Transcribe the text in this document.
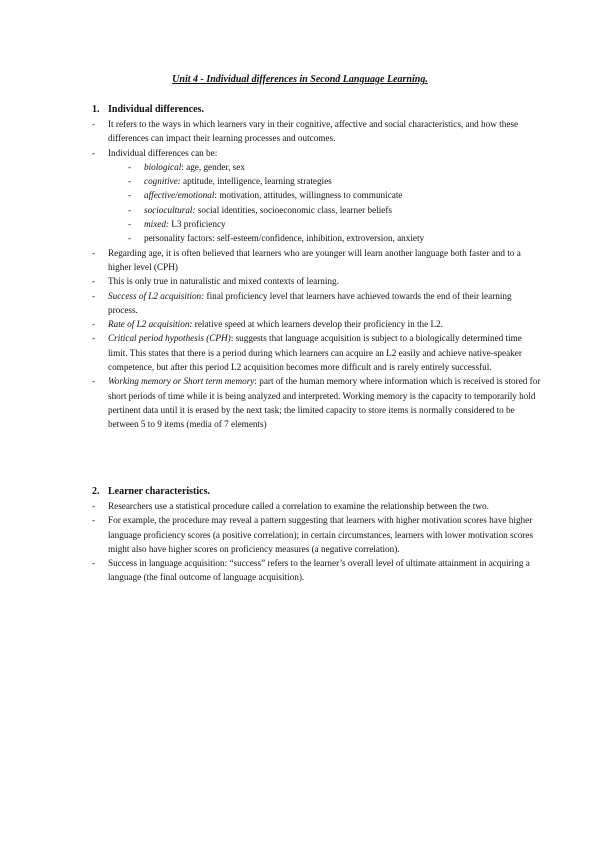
Unit 4 - Individual differences in Second Language Learning.
1. Individual differences.
- It refers to the ways in which learners vary in their cognitive, affective and social characteristics, and how these differences can impact their learning processes and outcomes.
- Individual differences can be:
- biological: age, gender, sex
- cognitive: aptitude, intelligence, learning strategies
- affective/emotional: motivation, attitudes, willingness to communicate
- sociocultural: social identities, socioeconomic class, learner beliefs
- mixed: L3 proficiency
- personality factors: self-esteem/confidence, inhibition, extroversion, anxiety
- Regarding age, it is often believed that learners who are younger will learn another language both faster and to a higher level (CPH)
- This is only true in naturalistic and mixed contexts of learning.
- Success of L2 acquisition: final proficiency level that learners have achieved towards the end of their learning process.
- Rate of L2 acquisition: relative speed at which learners develop their proficiency in the L2.
- Critical period hypothesis (CPH): suggests that language acquisition is subject to a biologically determined time limit. This states that there is a period during which learners can acquire an L2 easily and achieve native-speaker competence, but after this period L2 acquisition becomes more difficult and is rarely entirely successful.
- Working memory or Short term memory: part of the human memory where information which is received is stored for short periods of time while it is being analyzed and interpreted. Working memory is the capacity to temporarily hold pertinent data until it is erased by the next task; the limited capacity to store items is normally considered to be between 5 to 9 items (media of 7 elements)
2. Learner characteristics.
- Researchers use a statistical procedure called a correlation to examine the relationship between the two.
- For example, the procedure may reveal a pattern suggesting that learners with higher motivation scores have higher language proficiency scores (a positive correlation); in certain circumstances, learners with lower motivation scores might also have higher scores on proficiency measures (a negative correlation).
- Success in language acquisition: “success” refers to the learner’s overall level of ultimate attainment in acquiring a language (the final outcome of language acquisition).
